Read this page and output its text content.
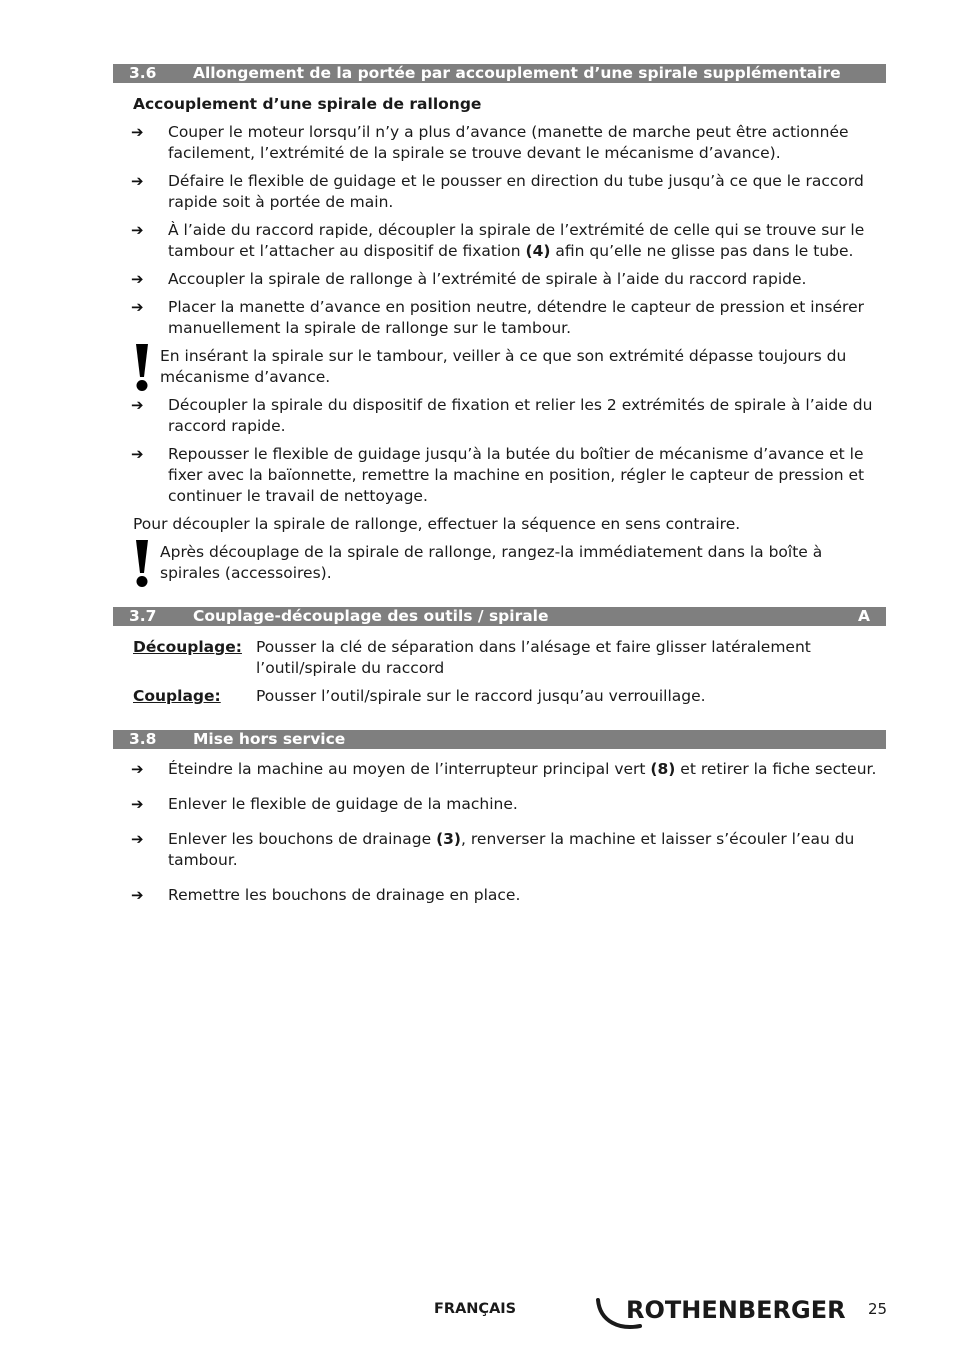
3.6 Allongement de la portée par accouplement d’une spirale supplémentaire
Accouplement d’une spirale de rallonge
➔ Couper le moteur lorsqu’il n’y a plus d’avance (manette de marche peut être actionnée facilement, l’extrémité de la spirale se trouve devant le mécanisme d’avance).
➔ Défaire le flexible de guidage et le pousser en direction du tube jusqu’à ce que le raccord rapide soit à portée de main.
➔ À l’aide du raccord rapide, découpler la spirale de l’extrémité de celle qui se trouve sur le tambour et l’attacher au dispositif de fixation (4) afin qu’elle ne glisse pas dans le tube.
➔ Accoupler la spirale de rallonge à l’extrémité de spirale à l’aide du raccord rapide.
➔ Placer la manette d’avance en position neutre, détendre le capteur de pression et insérer manuellement la spirale de rallonge sur le tambour.
En insérant la spirale sur le tambour, veiller à ce que son extrémité dépasse toujours du mécanisme d’avance.
➔ Découpler la spirale du dispositif de fixation et relier les 2 extrémités de spirale à l’aide du raccord rapide.
➔ Repousser le flexible de guidage jusqu’à la butée du boîtier de mécanisme d’avance et le fixer avec la baïonnette, remettre la machine en position, régler le capteur de pression et continuer le travail de nettoyage.
Pour découpler la spirale de rallonge, effectuer la séquence en sens contraire.
Après découplage de la spirale de rallonge, rangez-la immédiatement dans la boîte à spirales (accessoires).
3.7 Couplage-découplage des outils / spirale	A
Découplage: Pousser la clé de séparation dans l’alésage et faire glisser latéralement l’outil/spirale du raccord
Couplage: Pousser l’outil/spirale sur le raccord jusqu’au verrouillage.
3.8 Mise hors service
➔ Éteindre la machine au moyen de l’interrupteur principal vert (8) et retirer la fiche secteur.
➔ Enlever le flexible de guidage de la machine.
➔ Enlever les bouchons de drainage (3), renverser la machine et laisser s’écouler l’eau du tambour.
➔ Remettre les bouchons de drainage en place.
FRANÇAIS	ROTHENBERGER 25
